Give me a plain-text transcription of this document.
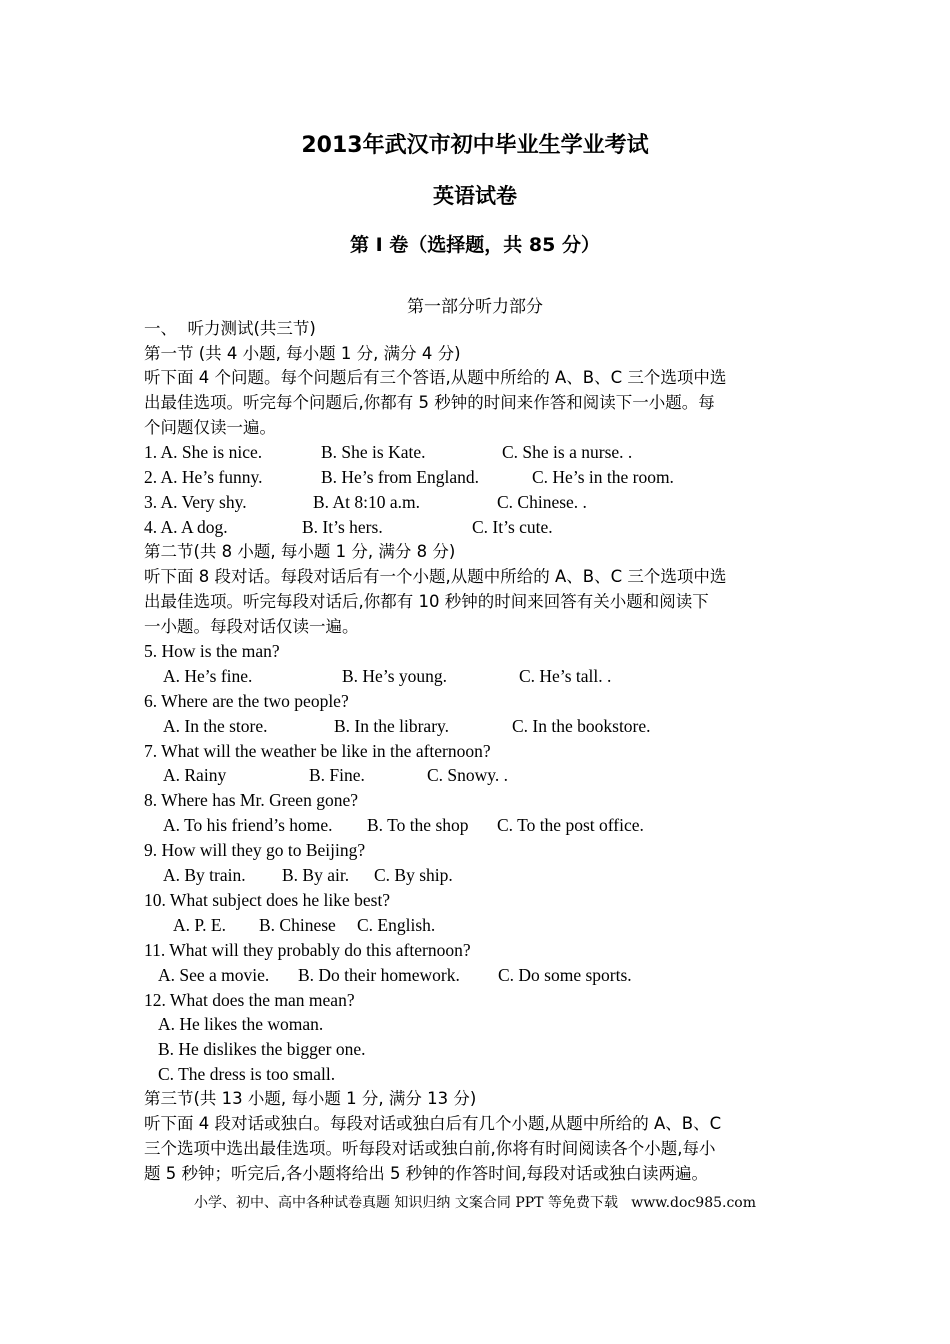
2013年武汉市初中毕业生学业考试
英语试卷
第 I 卷（选择题，共 85 分）
第一部分听力部分
一、  听力测试(共三节)
第一节 (共 4 小题, 每小题 1 分, 满分 4 分)
听下面 4 个问题。每个问题后有三个答语,从题中所给的 A、B、C 三个选项中选
出最佳选项。听完每个问题后,你都有 5 秒钟的时间来作答和阅读下一小题。每
个问题仅读一遍。
1. A. She is nice.	B. She is Kate.	C. She is a nurse. .
2. A. He’s funny.	B. He’s from England.	C. He’s in the room.
3. A. Very shy.	B. At 8:10 a.m.	C. Chinese. .
4. A. A dog.	B. It’s hers.	C. It’s cute.
第二节(共 8 小题, 每小题 1 分, 满分 8 分)
听下面 8 段对话。每段对话后有一个小题,从题中所给的 A、B、C 三个选项中选
出最佳选项。听完每段对话后,你都有 10 秒钟的时间来回答有关小题和阅读下
一小题。每段对话仅读一遍。
5. How is the man?
A. He’s fine.	B. He’s young.	C. He’s tall. .
6. Where are the two people?
A. In the store.	B. In the library.	C. In the bookstore.
7. What will the weather be like in the afternoon?
A. Rainy	B. Fine.	C. Snowy. .
8. Where has Mr. Green gone?
A. To his friend’s home. B. To the shop C. To the post office.
9. How will they go to Beijing?
A. By train. B. By air. C. By ship.
10. What subject does he like best?
A. P. E. B. Chinese C. English.
11. What will they probably do this afternoon?
A. See a movie. B. Do their homework. C. Do some sports.
12. What does the man mean?
A. He likes the woman.
B. He dislikes the bigger one.
C. The dress is too small.
第三节(共 13 小题, 每小题 1 分, 满分 13 分)
听下面 4 段对话或独白。每段对话或独白后有几个小题,从题中所给的 A、B、C
三个选项中选出最佳选项。听每段对话或独白前,你将有时间阅读各个小题,每小
题 5 秒钟；听完后,各小题将给出 5 秒钟的作答时间,每段对话或独白读两遍。
小学、初中、高中各种试卷真题 知识归纳 文案合同 PPT 等免费下载   www.doc985.com
